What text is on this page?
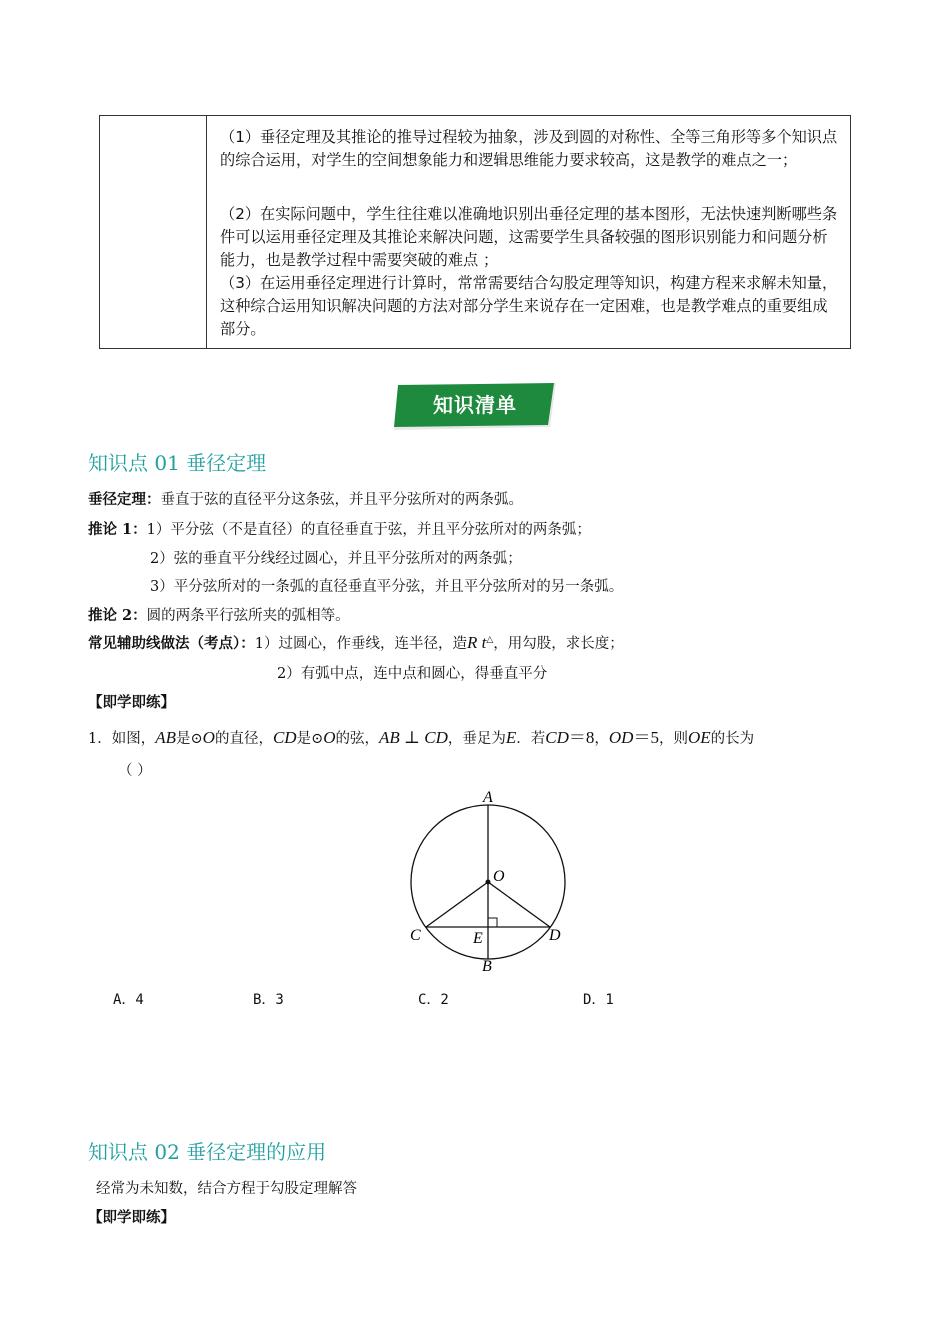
（1）垂径定理及其推论的推导过程较为抽象，涉及到圆的对称性、全等三角形等多个知识点的综合运用，对学生的空间想象能力和逻辑思维能力要求较高，这是教学的难点之一；
（2）在实际问题中，学生往往难以准确地识别出垂径定理的基本图形，无法快速判断哪些条件可以运用垂径定理及其推论来解决问题，这需要学生具备较强的图形识别能力和问题分析能力，也是教学过程中需要突破的难点 ；
（3）在运用垂径定理进行计算时，常常需要结合勾股定理等知识，构建方程来求解未知量，这种综合运用知识解决问题的方法对部分学生来说存在一定困难，也是教学难点的重要组成部分。
知识清单
知识点 01 垂径定理
垂径定理：垂直于弦的直径平分这条弦，并且平分弦所对的两条弧。
推论 1：1）平分弦（不是直径）的直径垂直于弦，并且平分弦所对的两条弧；
2）弦的垂直平分线经过圆心，并且平分弦所对的两条弧；
3）平分弦所对的一条弧的直径垂直平分弦，并且平分弦所对的另一条弧。
推论 2：圆的两条平行弦所夹的弧相等。
常见辅助线做法（考点）：1）过圆心，作垂线，连半径，造R t△，用勾股，求长度；
2）有弧中点，连中点和圆心，得垂直平分
【即学即练】
1．如图，AB是⊙O的直径，CD是⊙O的弦，AB ⊥ CD，垂足为E．若CD＝8，OD＝5，则OE的长为
（ ）
A
O
C	E	D
B
A．4	B．3	C．2	D．1
知识点 02 垂径定理的应用
经常为未知数，结合方程于勾股定理解答
【即学即练】
